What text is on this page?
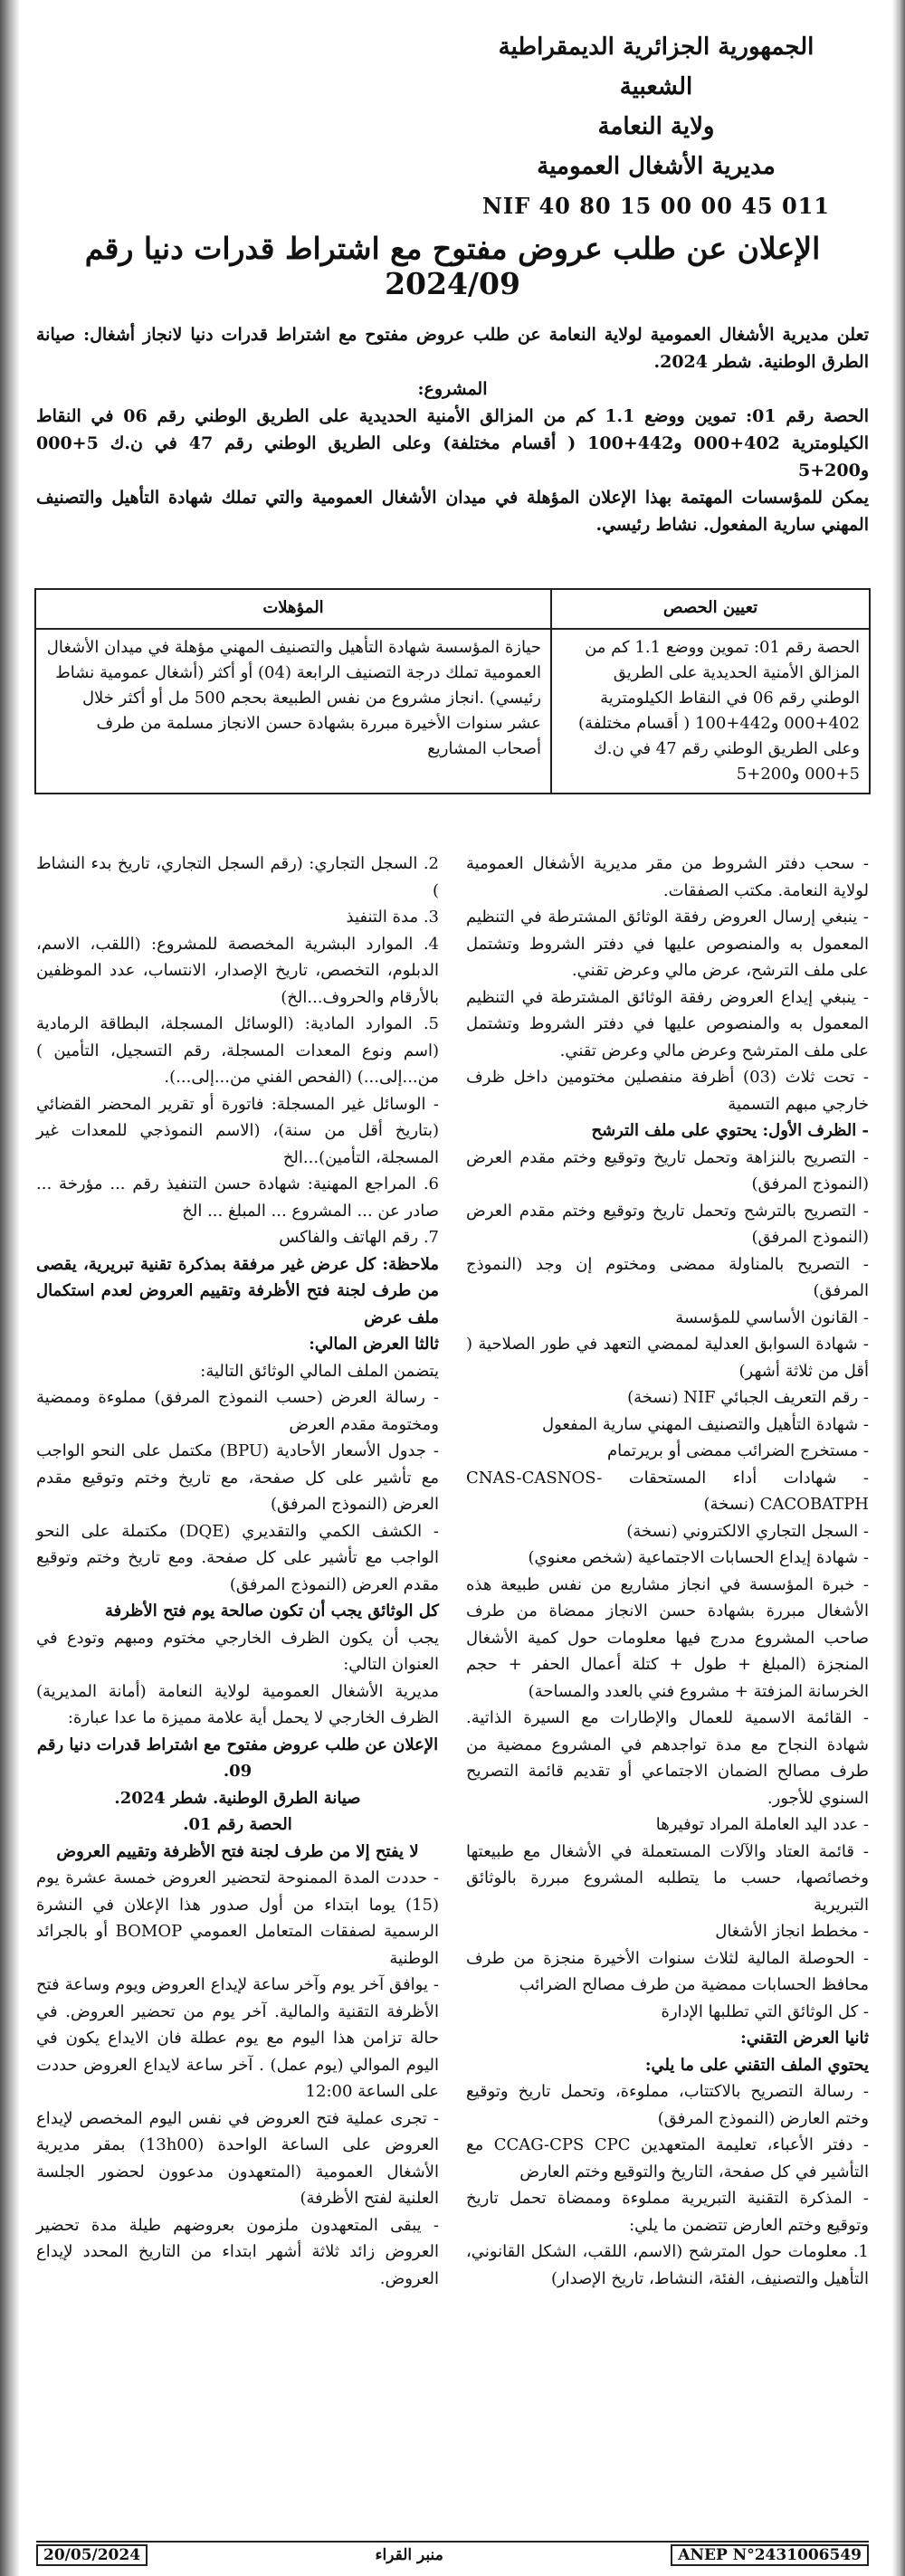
الجمهورية الجزائرية الديمقراطية الشعبية
ولاية النعامة
مديرية الأشغال العمومية
NIF 40 80 15 00 00 45 011
الإعلان عن طلب عروض مفتوح مع اشتراط قدرات دنيا رقم 2024/09

تعلن مديرية الأشغال العمومية لولاية النعامة عن طلب عروض مفتوح مع اشتراط قدرات دنيا لانجاز أشغال: صيانة الطرق الوطنية. شطر 2024.

المشروع:

الحصة رقم 01: تموين ووضع 1.1 كم من المزالق الأمنية الحديدية على الطريق الوطني رقم 06 في النقاط الكيلومترية 402+000 و442+100 ( أقسام مختلفة) وعلى الطريق الوطني رقم 47 في ن.ك 5+000 و200+5

يمكن للمؤسسات المهتمة بهذا الإعلان المؤهلة في ميدان الأشغال العمومية والتي تملك شهادة التأهيل والتصنيف المهني سارية المفعول. نشاط رئيسي.

تعيين الحصص	المؤهلات
الحصة رقم 01: تموين ووضع 1.1 كم من المزالق الأمنية الحديدية على الطريق الوطني رقم 06 في النقاط الكيلومترية 402+000 و442+100 ( أقسام مختلفة) وعلى الطريق الوطني رقم 47 في ن.ك 5+000 و200+5	حيازة المؤسسة شهادة التأهيل والتصنيف المهني مؤهلة في ميدان الأشغال العمومية تملك درجة التصنيف الرابعة (04) أو أكثر (أشغال عمومية نشاط رئيسي) .انجاز مشروع من نفس الطبيعة بحجم 500 مل أو أكثر خلال عشر سنوات الأخيرة مبررة بشهادة حسن الانجاز مسلمة من طرف أصحاب المشاريع

- سحب دفتر الشروط من مقر مديرية الأشغال العمومية لولاية النعامة. مكتب الصفقات.

- ينبغي إرسال العروض رفقة الوثائق المشترطة في التنظيم المعمول به والمنصوص عليها في دفتر الشروط وتشتمل على ملف الترشح، عرض مالي وعرض تقني.

- ينبغي إيداع العروض رفقة الوثائق المشترطة في التنظيم المعمول به والمنصوص عليها في دفتر الشروط وتشتمل على ملف المترشح وعرض مالي وعرض تقني.

- تحت ثلاث (03) أظرفة منفصلين مختومين داخل ظرف خارجي مبهم التسمية

- الظرف الأول: يحتوي على ملف الترشح

- التصريح بالنزاهة وتحمل تاريخ وتوقيع وختم مقدم العرض (النموذج المرفق)

- التصريح بالترشح وتحمل تاريخ وتوقيع وختم مقدم العرض (النموذج المرفق)

- التصريح بالمناولة ممضى ومختوم إن وجد (النموذج المرفق)

- القانون الأساسي للمؤسسة

- شهادة السوابق العدلية لممضي التعهد في طور الصلاحية ( أقل من ثلاثة أشهر)

- رقم التعريف الجبائي NIF (نسخة)

- شهادة التأهيل والتصنيف المهني سارية المفعول

- مستخرج الضرائب ممضى أو بريرتمام

- شهادات أداء المستحقات CNAS-CASNOS-CACOBATPH (نسخة)

- السجل التجاري الالكتروني (نسخة)

- شهادة إيداع الحسابات الاجتماعية (شخص معنوي)

- خبرة المؤسسة في انجاز مشاريع من نفس طبيعة هذه الأشغال مبررة بشهادة حسن الانجاز ممضاة من طرف صاحب المشروع مدرج فيها معلومات حول كمية الأشغال المنجزة (المبلغ + طول + كتلة أعمال الحفر + حجم الخرسانة المزفتة + مشروع فني بالعدد والمساحة)

- القائمة الاسمية للعمال والإطارات مع السيرة الذاتية. شهادة النجاح مع مدة تواجدهم في المشروع ممضية من طرف مصالح الضمان الاجتماعي أو تقديم قائمة التصريح السنوي للأجور.

- عدد اليد العاملة المراد توفيرها

- قائمة العتاد والآلات المستعملة في الأشغال مع طبيعتها وخصائصها، حسب ما يتطلبه المشروع مبررة بالوثائق التبريرية

- مخطط انجاز الأشغال

- الحوصلة المالية لثلاث سنوات الأخيرة منجزة من طرف محافظ الحسابات ممضية من طرف مصالح الضرائب

- كل الوثائق التي تطلبها الإدارة

ثانيا العرض التقني:

يحتوي الملف التقني على ما يلي:

- رسالة التصريح بالاكتتاب، مملوءة، وتحمل تاريخ وتوقيع وختم العارض (النموذج المرفق)

- دفتر الأعباء، تعليمة المتعهدين CCAG-CPS CPC مع التأشير في كل صفحة، التاريخ والتوقيع وختم العارض

- المذكرة التقنية التبريرية مملوءة وممضاة تحمل تاريخ وتوقيع وختم العارض تتضمن ما يلي:

1. معلومات حول المترشح (الاسم، اللقب، الشكل القانوني، التأهيل والتصنيف، الفئة، النشاط، تاريخ الإصدار)

2. السجل التجاري: (رقم السجل التجاري، تاريخ بدء النشاط )

3. مدة التنفيذ

4. الموارد البشرية المخصصة للمشروع: (اللقب، الاسم، الدبلوم، التخصص، تاريخ الإصدار، الانتساب، عدد الموظفين بالأرقام والحروف...الخ)

5. الموارد المادية: (الوسائل المسجلة، البطاقة الرمادية (اسم ونوع المعدات المسجلة، رقم التسجيل، التأمين ) من...إلى...) (الفحص الفني من...إلى...).

- الوسائل غير المسجلة: فاتورة أو تقرير المحضر القضائي (بتاريخ أقل من سنة)، (الاسم النموذجي للمعدات غير المسجلة، التأمين)...الخ

6. المراجع المهنية: شهادة حسن التنفيذ رقم ... مؤرخة ... صادر عن ... المشروع ... المبلغ ... الخ

7. رقم الهاتف والفاكس

ملاحظة: كل عرض غير مرفقة بمذكرة تقنية تبريرية، يقصى من طرف لجنة فتح الأظرفة وتقييم العروض لعدم استكمال ملف عرض

ثالثا العرض المالي:

يتضمن الملف المالي الوثائق التالية:

- رسالة العرض (حسب النموذج المرفق) مملوءة وممضية ومختومة مقدم العرض

- جدول الأسعار الأحادية (BPU) مكتمل على النحو الواجب مع تأشير على كل صفحة، مع تاريخ وختم وتوقيع مقدم العرض (النموذج المرفق)

- الكشف الكمي والتقديري (DQE) مكتملة على النحو الواجب مع تأشير على كل صفحة. ومع تاريخ وختم وتوقيع مقدم العرض (النموذج المرفق)

كل الوثائق يجب أن تكون صالحة يوم فتح الأظرفة

يجب أن يكون الظرف الخارجي مختوم ومبهم وتودع في العنوان التالي:

مديرية الأشغال العمومية لولاية النعامة (أمانة المديرية) الظرف الخارجي لا يحمل أية علامة مميزة ما عدا عبارة:

الإعلان عن طلب عروض مفتوح مع اشتراط قدرات دنيا رقم 09.

صيانة الطرق الوطنية. شطر 2024.

الحصة رقم 01.

لا يفتح إلا من طرف لجنة فتح الأظرفة وتقييم العروض

- حددت المدة الممنوحة لتحضير العروض خمسة عشرة يوم (15) يوما ابتداء من أول صدور هذا الإعلان في النشرة الرسمية لصفقات المتعامل العمومي BOMOP أو بالجرائد الوطنية

- يوافق آخر يوم وآخر ساعة لإيداع العروض ويوم وساعة فتح الأظرفة التقنية والمالية. آخر يوم من تحضير العروض. في حالة تزامن هذا اليوم مع يوم عطلة فان الايداع يكون في اليوم الموالي (يوم عمل) . آخر ساعة لايداع العروض حددت على الساعة 12:00

- تجرى عملية فتح العروض في نفس اليوم المخصص لإيداع العروض على الساعة الواحدة (13h00) بمقر مديرية الأشغال العمومية (المتعهدون مدعوون لحضور الجلسة العلنية لفتح الأظرفة)

- يبقى المتعهدون ملزمون بعروضهم طيلة مدة تحضير العروض زائد ثلاثة أشهر ابتداء من التاريخ المحدد لإيداع العروض.

ANEP N°2431006549
منبر القراء
20/05/2024
